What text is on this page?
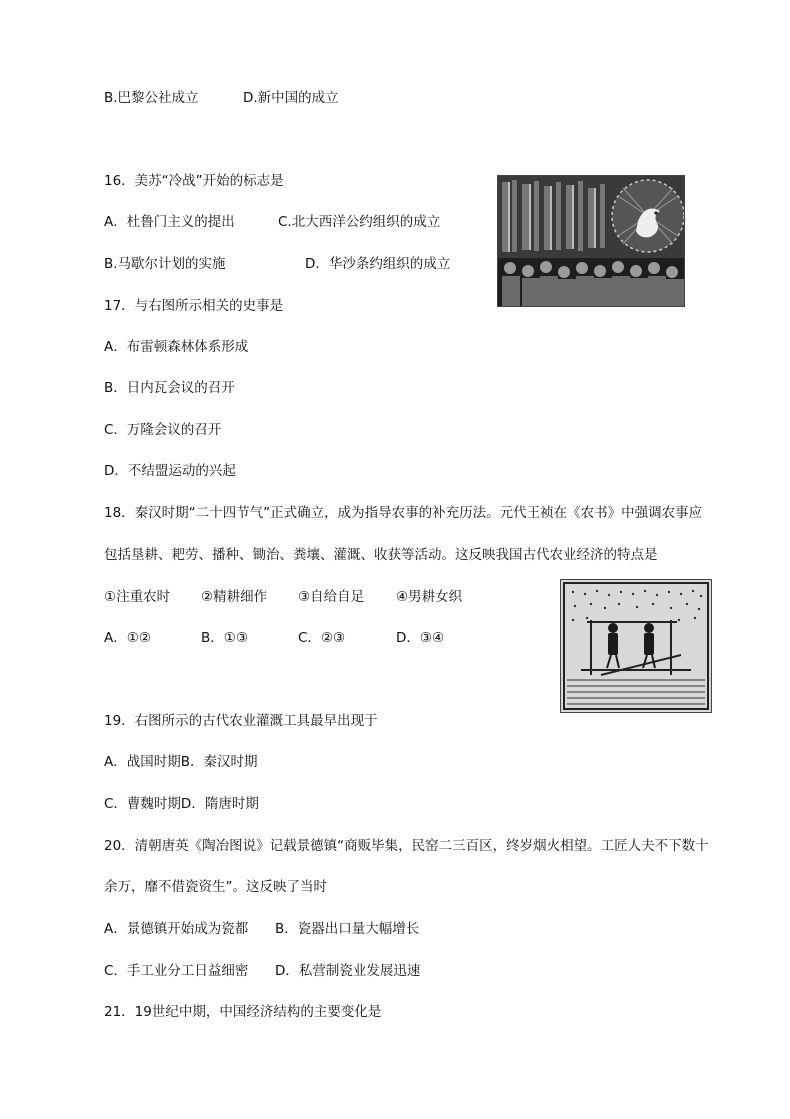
B.巴黎公社成立	D.新中国的成立
16．美苏“冷战”开始的标志是
A．杜鲁门主义的提出	C.北大西洋公约组织的成立
B.马歇尔计划的实施	D．华沙条约组织的成立
17．与右图所示相关的史事是
A．布雷顿森林体系形成
B．日内瓦会议的召开
C．万隆会议的召开
D．不结盟运动的兴起
18．秦汉时期“二十四节气”正式确立，成为指导农事的补充历法。元代王祯在《农书》中强调农事应
包括垦耕、耙劳、播种、锄治、粪壤、灌溉、收获等活动。这反映我国古代农业经济的特点是
①注重农时 ②精耕细作 ③自给自足 ④男耕女织
A．①②	B．①③	C．②③	D．③④
19．右图所示的古代农业灌溉工具最早出现于
A．战国时期B．秦汉时期
C．曹魏时期D．隋唐时期
20．清朝唐英《陶冶图说》记载景德镇“商贩毕集，民窑二三百区，终岁烟火相望。工匠人夫不下数十
余万，靡不借瓷资生”。这反映了当时
A．景德镇开始成为瓷都 B．瓷器出口量大幅增长
C．手工业分工日益细密 D．私营制瓷业发展迅速
21．19世纪中期，中国经济结构的主要变化是
